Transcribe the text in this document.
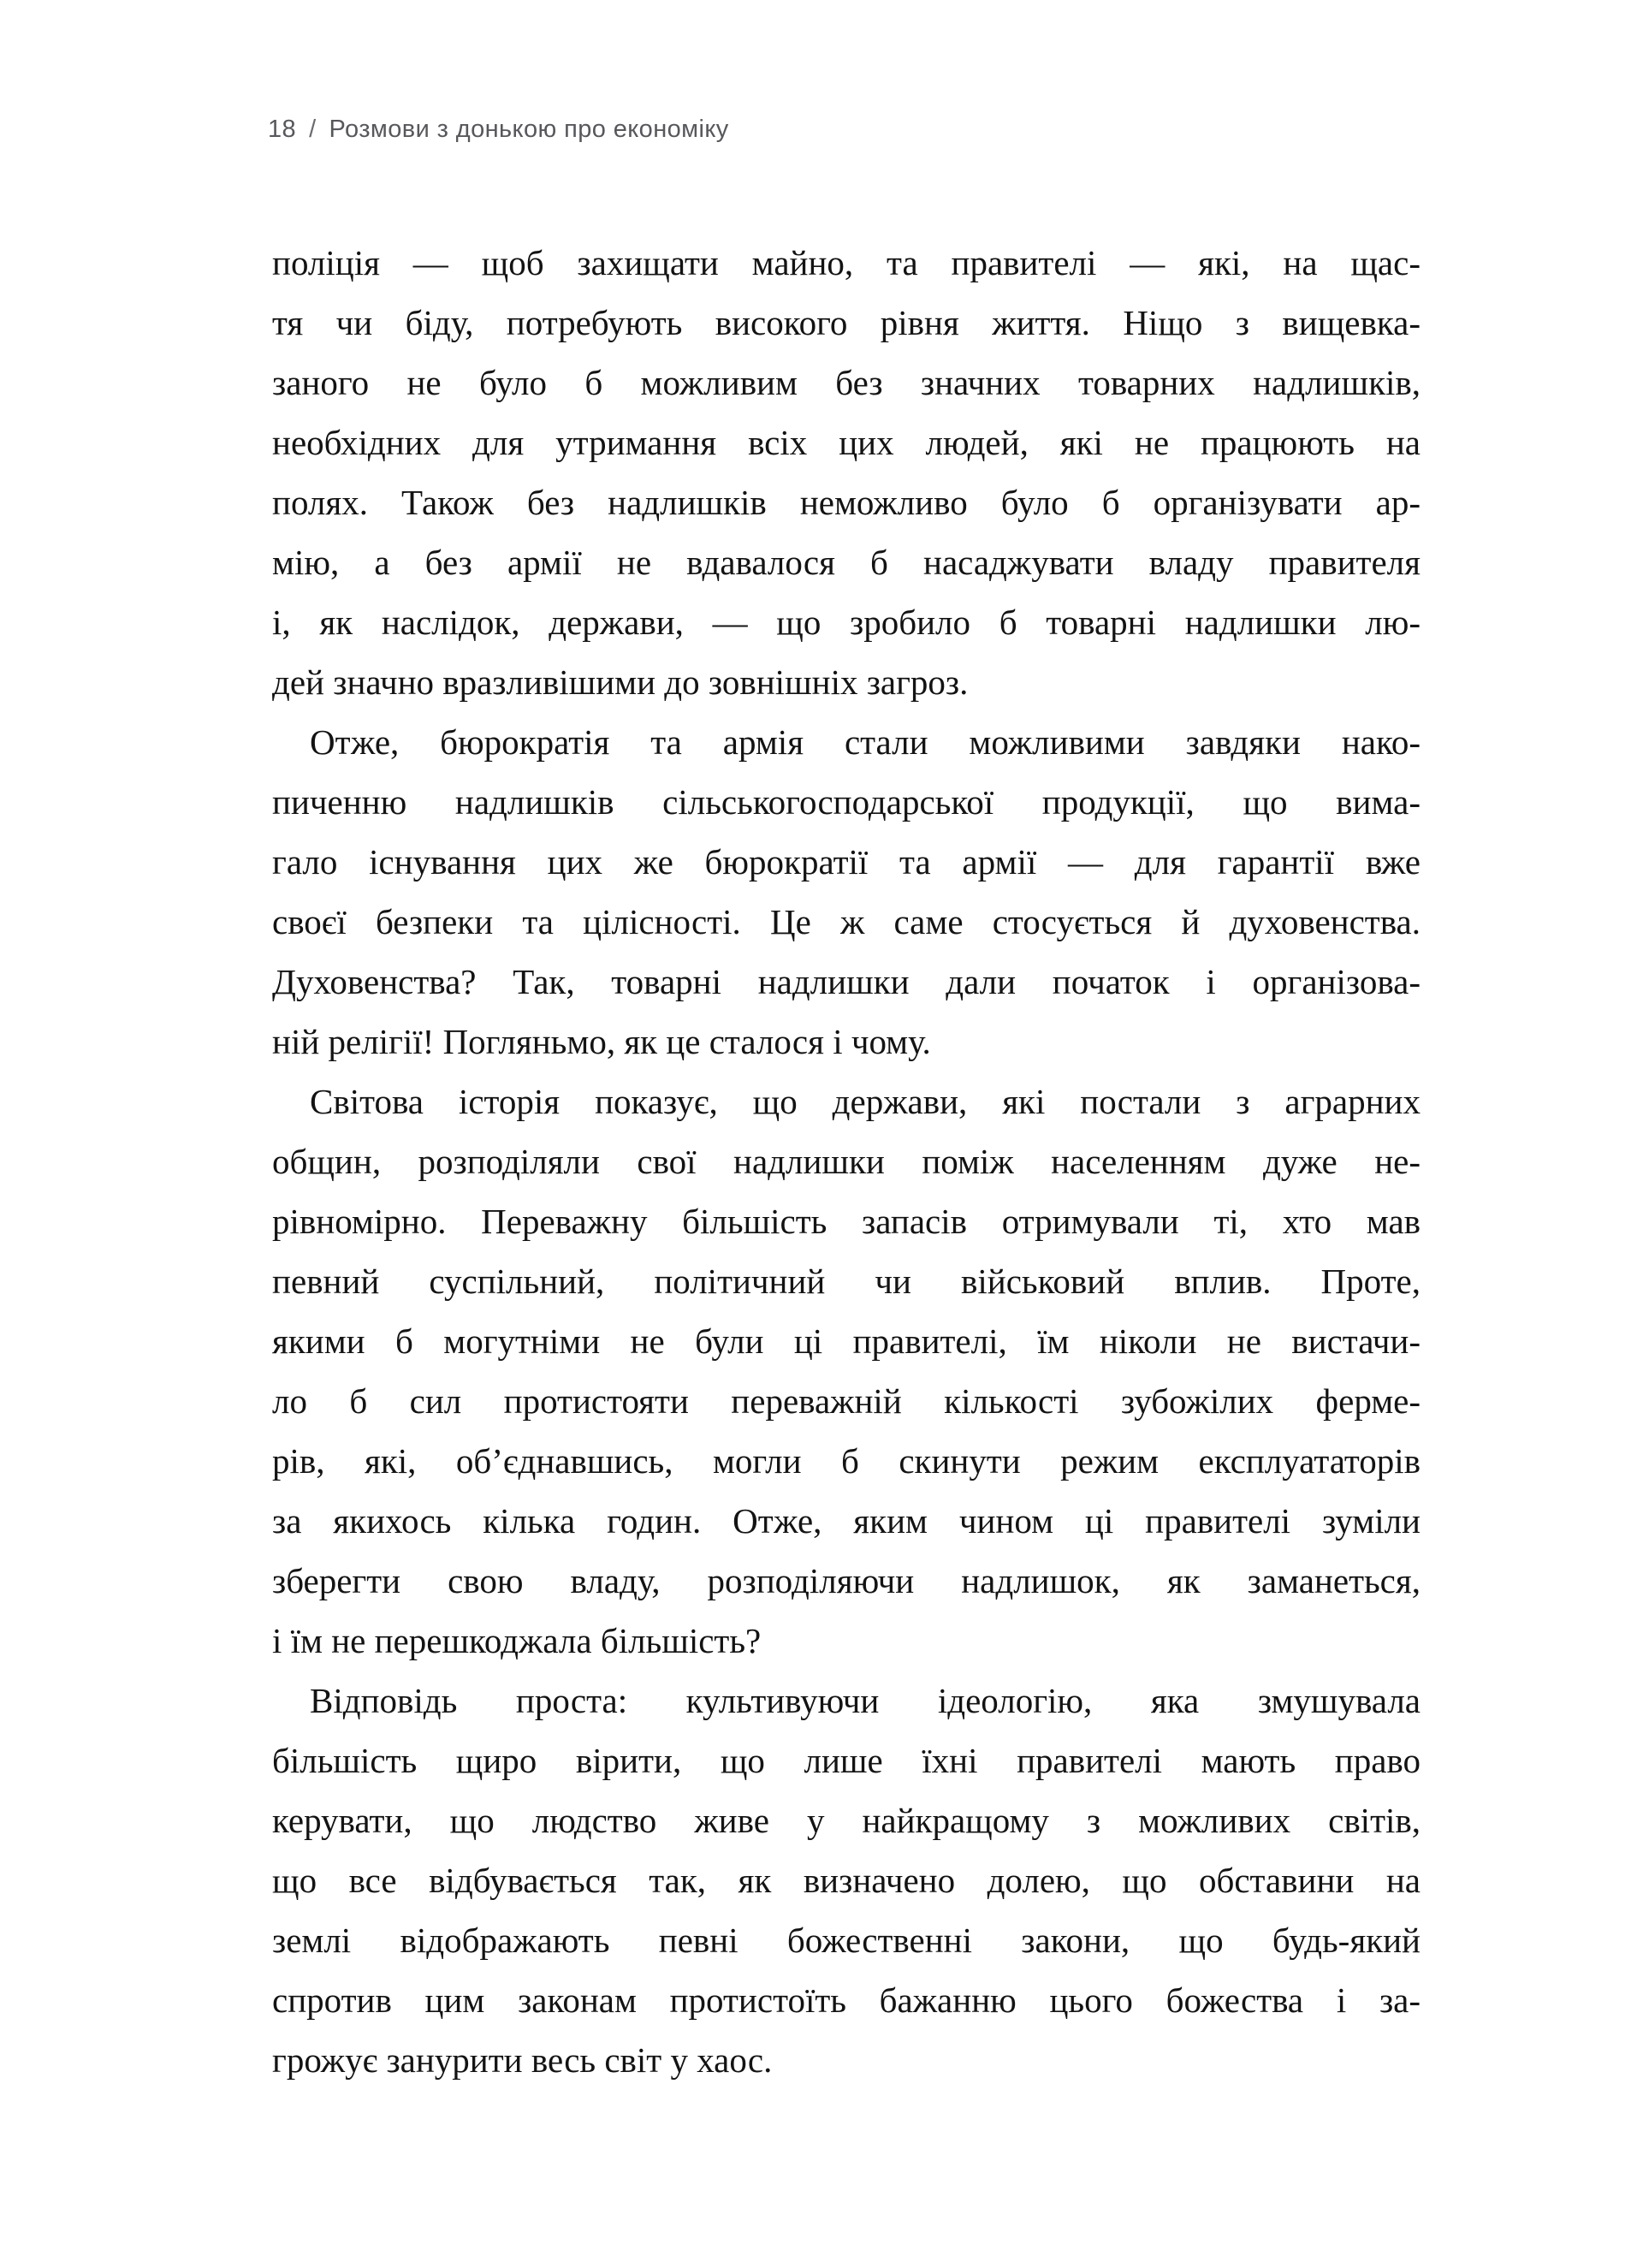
18 / Розмови з донькою про економіку

поліція — щоб захищати майно, та правителі — які, на щас-
тя чи біду, потребують високого рівня життя. Ніщо з вищевка-
заного не було б можливим без значних товарних надлишків,
необхідних для утримання всіх цих людей, які не працюють на
полях. Також без надлишків неможливо було б організувати ар-
мію, а без армії не вдавалося б насаджувати владу правителя
і, як наслідок, держави, — що зробило б товарні надлишки лю-
дей значно вразливішими до зовнішніх загроз.

Отже, бюрократія та армія стали можливими завдяки нако-
пиченню надлишків сільськогосподарської продукції, що вима-
гало існування цих же бюрократії та армії — для гарантії вже
своєї безпеки та цілісності. Це ж саме стосується й духовенства.
Духовенства? Так, товарні надлишки дали початок і організова-
ній релігії! Погляньмо, як це сталося і чому.

Світова історія показує, що держави, які постали з аграрних
общин, розподіляли свої надлишки поміж населенням дуже не-
рівномірно. Переважну більшість запасів отримували ті, хто мав
певний суспільний, політичний чи військовий вплив. Проте,
якими б могутніми не були ці правителі, їм ніколи не вистачи-
ло б сил протистояти переважній кількості зубожілих ферме-
рів, які, об’єднавшись, могли б скинути режим експлуататорів
за якихось кілька годин. Отже, яким чином ці правителі зуміли
зберегти свою владу, розподіляючи надлишок, як заманеться,
і їм не перешкоджала більшість?

Відповідь проста: культивуючи ідеологію, яка змушувала
більшість щиро вірити, що лише їхні правителі мають право
керувати, що людство живе у найкращому з можливих світів,
що все відбувається так, як визначено долею, що обставини на
землі відображають певні божественні закони, що будь-який
спротив цим законам протистоїть бажанню цього божества і за-
грожує занурити весь світ у хаос.
